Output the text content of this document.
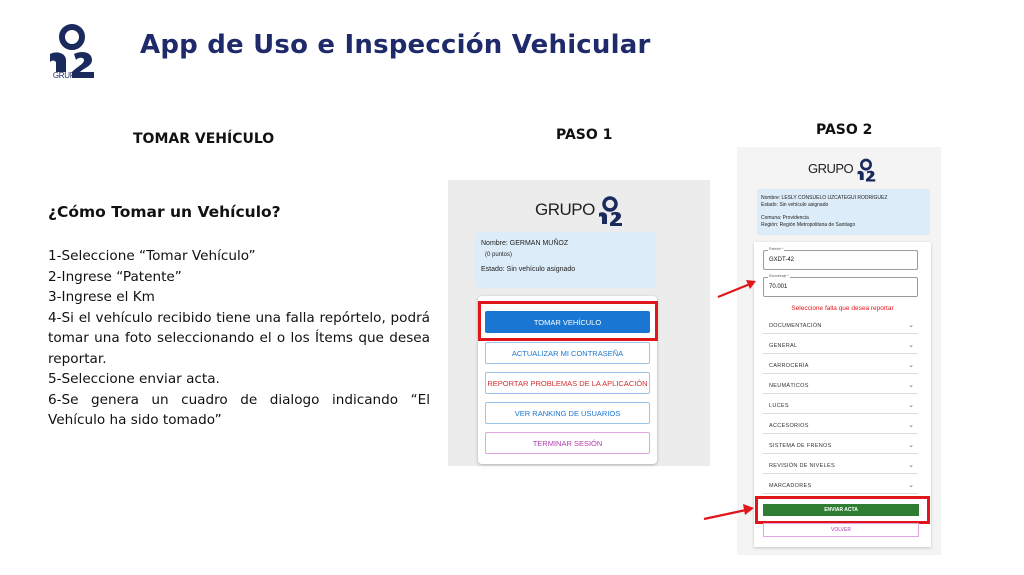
GRUPO-O2
App de Uso e Inspección Vehicular
TOMAR VEHÍCULO
¿Cómo Tomar un Vehículo?
1-Seleccione “Tomar Vehículo”
2-Ingrese “Patente”
3-Ingrese el Km
4-Si el vehículo recibido tiene una falla repórtelo, podrá tomar una foto seleccionando el o los Ítems que desea reportar.
5-Seleccione enviar acta.
6-Se genera un cuadro de dialogo indicando “El Vehículo ha sido tomado”
PASO 1
GRUPO
Nombre: GERMAN MUÑOZ
(0 puntos)
Estado: Sin vehículo asignado
TOMAR VEHÍCULO
ACTUALIZAR MI CONTRASEÑA
REPORTAR PROBLEMAS DE LA APLICACIÓN
VER RANKING DE USUARIOS
TERMINAR SESIÓN
PASO 2
GRUPO
Nombre: LESLY CONSUELO UZCATEGUI RODRIGUEZ
Estado: Sin vehículo asignado
Comuna: Providencia
Región: Región Metropolitana de Santiago
Patente *
GXDT-42
Kilometraje *
70.001
Seleccione falla que desea reportar
DOCUMENTACIÓN	⌄
GENERAL	⌄
CARROCERÍA	⌄
NEUMÁTICOS	⌄
LUCES	⌄
ACCESORIOS	⌄
SISTEMA DE FRENOS	⌄
REVISIÓN DE NIVELES	⌄
MARCADORES	⌄
ENVIAR ACTA
VOLVER
